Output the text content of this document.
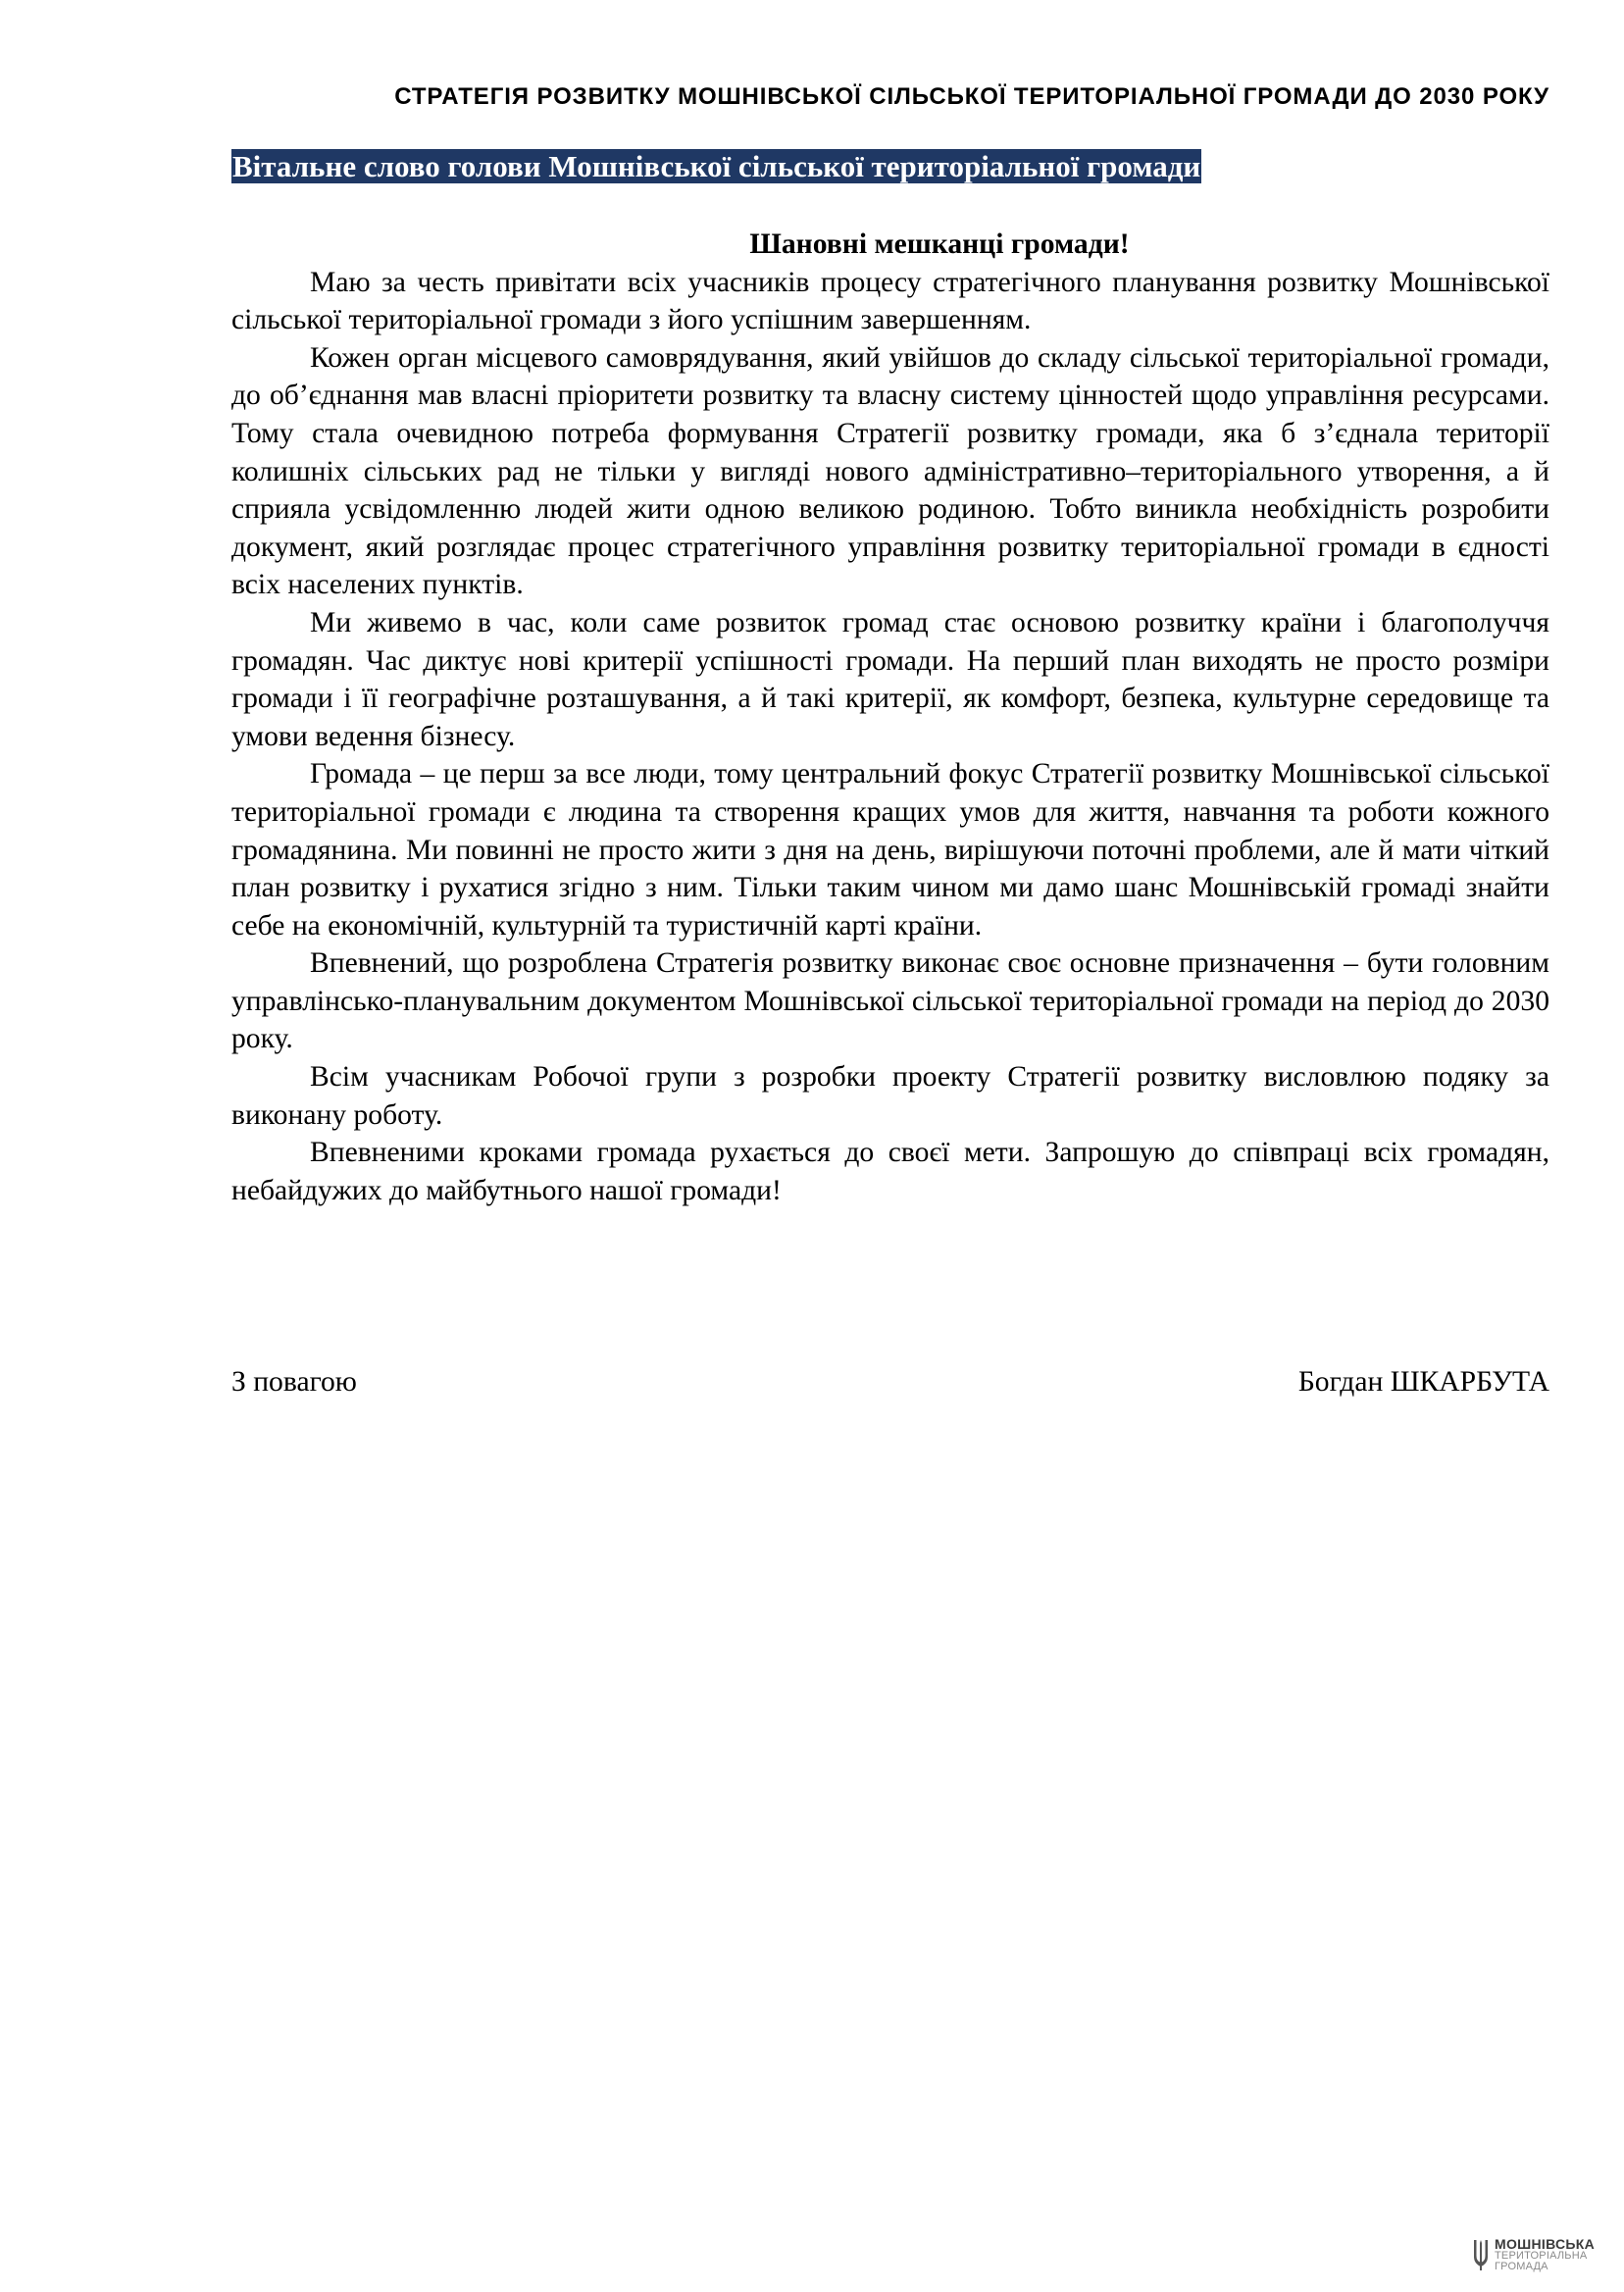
СТРАТЕГІЯ РОЗВИТКУ МОШНІВСЬКОЇ СІЛЬСЬКОЇ ТЕРИТОРІАЛЬНОЇ ГРОМАДИ ДО 2030 РОКУ
Вітальне слово голови Мошнівської сільської територіальної громади

Шановні мешканці громади!

Маю за честь привітати всіх учасників процесу стратегічного планування розвитку Мошнівської сільської територіальної громади з його успішним завершенням.

Кожен орган місцевого самоврядування, який увійшов до складу сільської територіальної громади, до об’єднання мав власні пріоритети розвитку та власну систему цінностей щодо управління ресурсами. Тому стала очевидною потреба формування Стратегії розвитку громади, яка б з’єднала території колишніх сільських рад не тільки у вигляді нового адміністративно–територіального утворення, а й сприяла усвідомленню людей жити одною великою родиною. Тобто виникла необхідність розробити документ, який розглядає процес стратегічного управління розвитку територіальної громади в єдності всіх населених пунктів.

Ми живемо в час, коли саме розвиток громад стає основою розвитку країни і благополуччя громадян. Час диктує нові критерії успішності громади. На перший план виходять не просто розміри громади і її географічне розташування, а й такі критерії, як комфорт, безпека, культурне середовище та умови ведення бізнесу.

Громада – це перш за все люди, тому центральний фокус Стратегії розвитку Мошнівської сільської територіальної громади є людина та створення кращих умов для життя, навчання та роботи кожного громадянина. Ми повинні не просто жити з дня на день, вирішуючи поточні проблеми, але й мати чіткий план розвитку і рухатися згідно з ним. Тільки таким чином ми дамо шанс Мошнівській громаді знайти себе на економічній, культурній та туристичній карті країни.

Впевнений, що розроблена Стратегія розвитку виконає своє основне призначення – бути головним управлінсько-планувальним документом Мошнівської сільської територіальної громади на період до 2030 року.

Всім учасникам Робочої групи з розробки проекту Стратегії розвитку висловлюю подяку за виконану роботу.

Впевненими кроками громада рухається до своєї мети. Запрошую до співпраці всіх громадян, небайдужих до майбутнього нашої громади!

З повагою	Богдан ШКАРБУТА
МОШНІВСЬКА
ТЕРИТОРІАЛЬНА
ГРОМАДА
